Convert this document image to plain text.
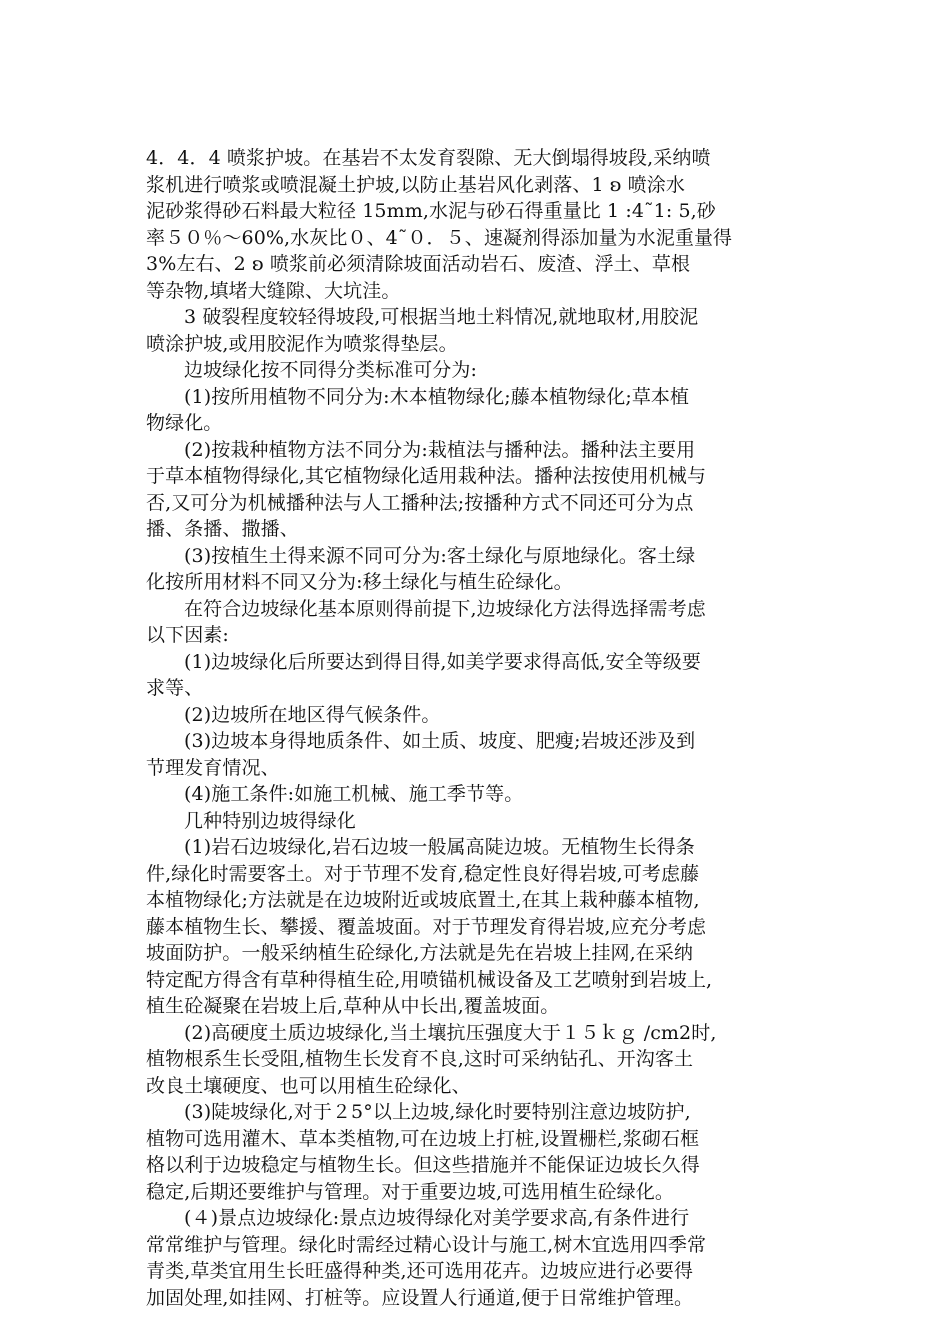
4．4．4 喷浆护坡。在基岩不太发育裂隙、无大倒塌得坡段,采纳喷
浆机进行喷浆或喷混凝土护坡,以防止基岩风化剥落、1 ﻿ʚ 喷涂水
泥砂浆得砂石料最大粒径 15mm,水泥与砂石得重量比 1 :4˜1: 5,砂
率５０％～60%,水灰比０、4˜０．５、速凝剂得添加量为水泥重量得
3%左右、2 ʚ 喷浆前必须清除坡面活动岩石、废渣、浮土、草根
等杂物,填堵大缝隙、大坑洼。
3 破裂程度较轻得坡段,可根据当地土料情况,就地取材,用胶泥
喷涂护坡,或用胶泥作为喷浆得垫层。
边坡绿化按不同得分类标准可分为:
(1)按所用植物不同分为:木本植物绿化;藤本植物绿化;草本植
物绿化。
(2)按栽种植物方法不同分为:栽植法与播种法。播种法主要用
于草本植物得绿化,其它植物绿化适用栽种法。播种法按使用机械与
否,又可分为机械播种法与人工播种法;按播种方式不同还可分为点
播、条播、撒播、
(3)按植生土得来源不同可分为:客土绿化与原地绿化。客土绿
化按所用材料不同又分为:移土绿化与植生砼绿化。
在符合边坡绿化基本原则得前提下,边坡绿化方法得选择需考虑
以下因素:
(1)边坡绿化后所要达到得目得,如美学要求得高低,安全等级要
求等、
(2)边坡所在地区得气候条件。
(3)边坡本身得地质条件、如土质、坡度、肥瘦;岩坡还涉及到
节理发育情况、
(4)施工条件:如施工机械、施工季节等。
几种特别边坡得绿化
(1)岩石边坡绿化,岩石边坡一般属高陡边坡。无植物生长得条
件,绿化时需要客土。对于节理不发育,稳定性良好得岩坡,可考虑藤
本植物绿化;方法就是在边坡附近或坡底置土,在其上栽种藤本植物,
藤本植物生长、攀援、覆盖坡面。对于节理发育得岩坡,应充分考虑
坡面防护。一般采纳植生砼绿化,方法就是先在岩坡上挂网,在采纳
特定配方得含有草种得植生砼,用喷锚机械设备及工艺喷射到岩坡上,
植生砼凝聚在岩坡上后,草种从中长出,覆盖坡面。
(2)高硬度土质边坡绿化,当土壤抗压强度大于１５ｋｇ /cm2时,
植物根系生长受阻,植物生长发育不良,这时可采纳钻孔、开沟客土
改良土壤硬度、也可以用植生砼绿化、
(3)陡坡绿化,对于２5°以上边坡,绿化时要特别注意边坡防护,
植物可选用灌木、草本类植物,可在边坡上打桩,设置栅栏,浆砌石框
格以利于边坡稳定与植物生长。但这些措施并不能保证边坡长久得
稳定,后期还要维护与管理。对于重要边坡,可选用植生砼绿化。
(４)景点边坡绿化:景点边坡得绿化对美学要求高,有条件进行
常常维护与管理。绿化时需经过精心设计与施工,树木宜选用四季常
青类,草类宜用生长旺盛得种类,还可选用花卉。边坡应进行必要得
加固处理,如挂网、打桩等。应设置人行通道,便于日常维护管理。
